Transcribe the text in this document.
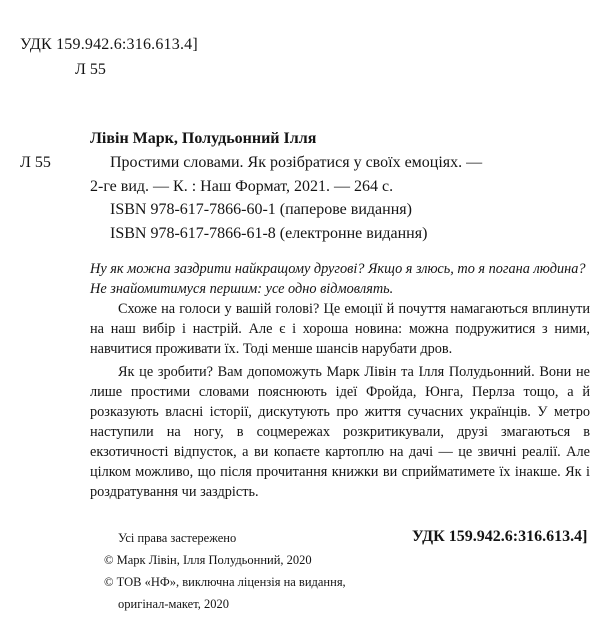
УДК 159.942.6:316.613.4]
Л 55
Лівін Марк, Полудьонний Ілля
Л 55	Простими словами. Як розібратися у своїх емоціях. —
2-ге вид. — К. : Наш Формат, 2021. — 264 с.
ISBN 978-617-7866-60-1 (паперове видання)
ISBN 978-617-7866-61-8 (електронне видання)
Ну як можна заздрити найкращому другові? Якщо я злюсь, то я погана людина? Не знайомитимуся першим: усе одно відмовлять.
Схоже на голоси у вашій голові? Це емоції й почуття намагаються вплинути на наш вибір і настрій. Але є і хороша новина: можна подружитися з ними, навчитися проживати їх. Тоді менше шансів нарубати дров.
Як це зробити? Вам допоможуть Марк Лівін та Ілля Полудьонний. Вони не лише простими словами пояснюють ідеї Фройда, Юнга, Перлза тощо, а й розказують власні історії, дискутують про життя сучасних українців. У метро наступили на ногу, в соцмережах розкритикували, друзі змагаються в екзотичності відпусток, а ви копаєте картоплю на дачі — це звичні реалії. Але цілком можливо, що після прочитання книжки ви сприйматимете їх інакше. Як і роздратування чи заздрість.
Усі права застережено	УДК 159.942.6:316.613.4]
© Марк Лівін, Ілля Полудьонний, 2020
© ТОВ «НФ», виключна ліцензія на видання,
оригінал-макет, 2020
